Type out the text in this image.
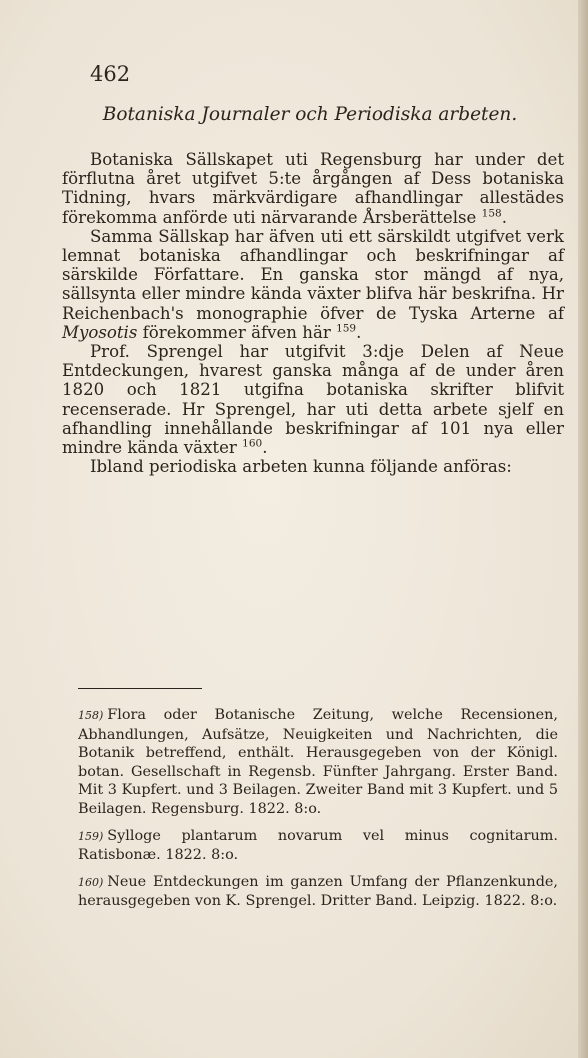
462
Botaniska Journaler och Periodiska arbeten.

Botaniska Sällskapet uti Regensburg har under det förflutna året utgifvet 5:te årgången af Dess botaniska Tidning, hvars märkvärdigare afhandlingar allestädes förekomma anförde uti närvarande Årsberättelse $^{158}$.

Samma Sällskap har äfven uti ett särskildt utgifvet verk lemnat botaniska afhandlingar och beskrifningar af särskilde Författare. En ganska stor mängd af nya, sällsynta eller mindre kända växter blifva här beskrifna. Hr Reichenbach's monographie öfver de Tyska Arterne af Myosotis förekommer äfven här $^{159}$.

Prof. Sprengel har utgifvit 3:dje Delen af Neue Entdeckungen, hvarest ganska många af de under åren 1820 och 1821 utgifna botaniska skrifter blifvit recenserade. Hr Sprengel, har uti detta arbete sjelf en afhandling innehållande beskrifningar af 101 nya eller mindre kända växter $^{160}$.

Ibland periodiska arbeten kunna följande anföras:

158) Flora oder Botanische Zeitung, welche Recensionen, Abhandlungen, Aufsätze, Neuigkeiten und Nachrichten, die Botanik betreffend, enthält. Herausgegeben von der Königl. botan. Gesellschaft in Regensb. Fünfter Jahrgang. Erster Band. Mit 3 Kupfert. und 3 Beilagen. Zweiter Band mit 3 Kupfert. und 5 Beilagen. Regensburg. 1822. 8:o.

159) Sylloge plantarum novarum vel minus cognitarum. Ratisbonæ. 1822. 8:o.

160) Neue Entdeckungen im ganzen Umfang der Pflanzenkunde, herausgegeben von K. Sprengel. Dritter Band. Leipzig. 1822. 8:o.
